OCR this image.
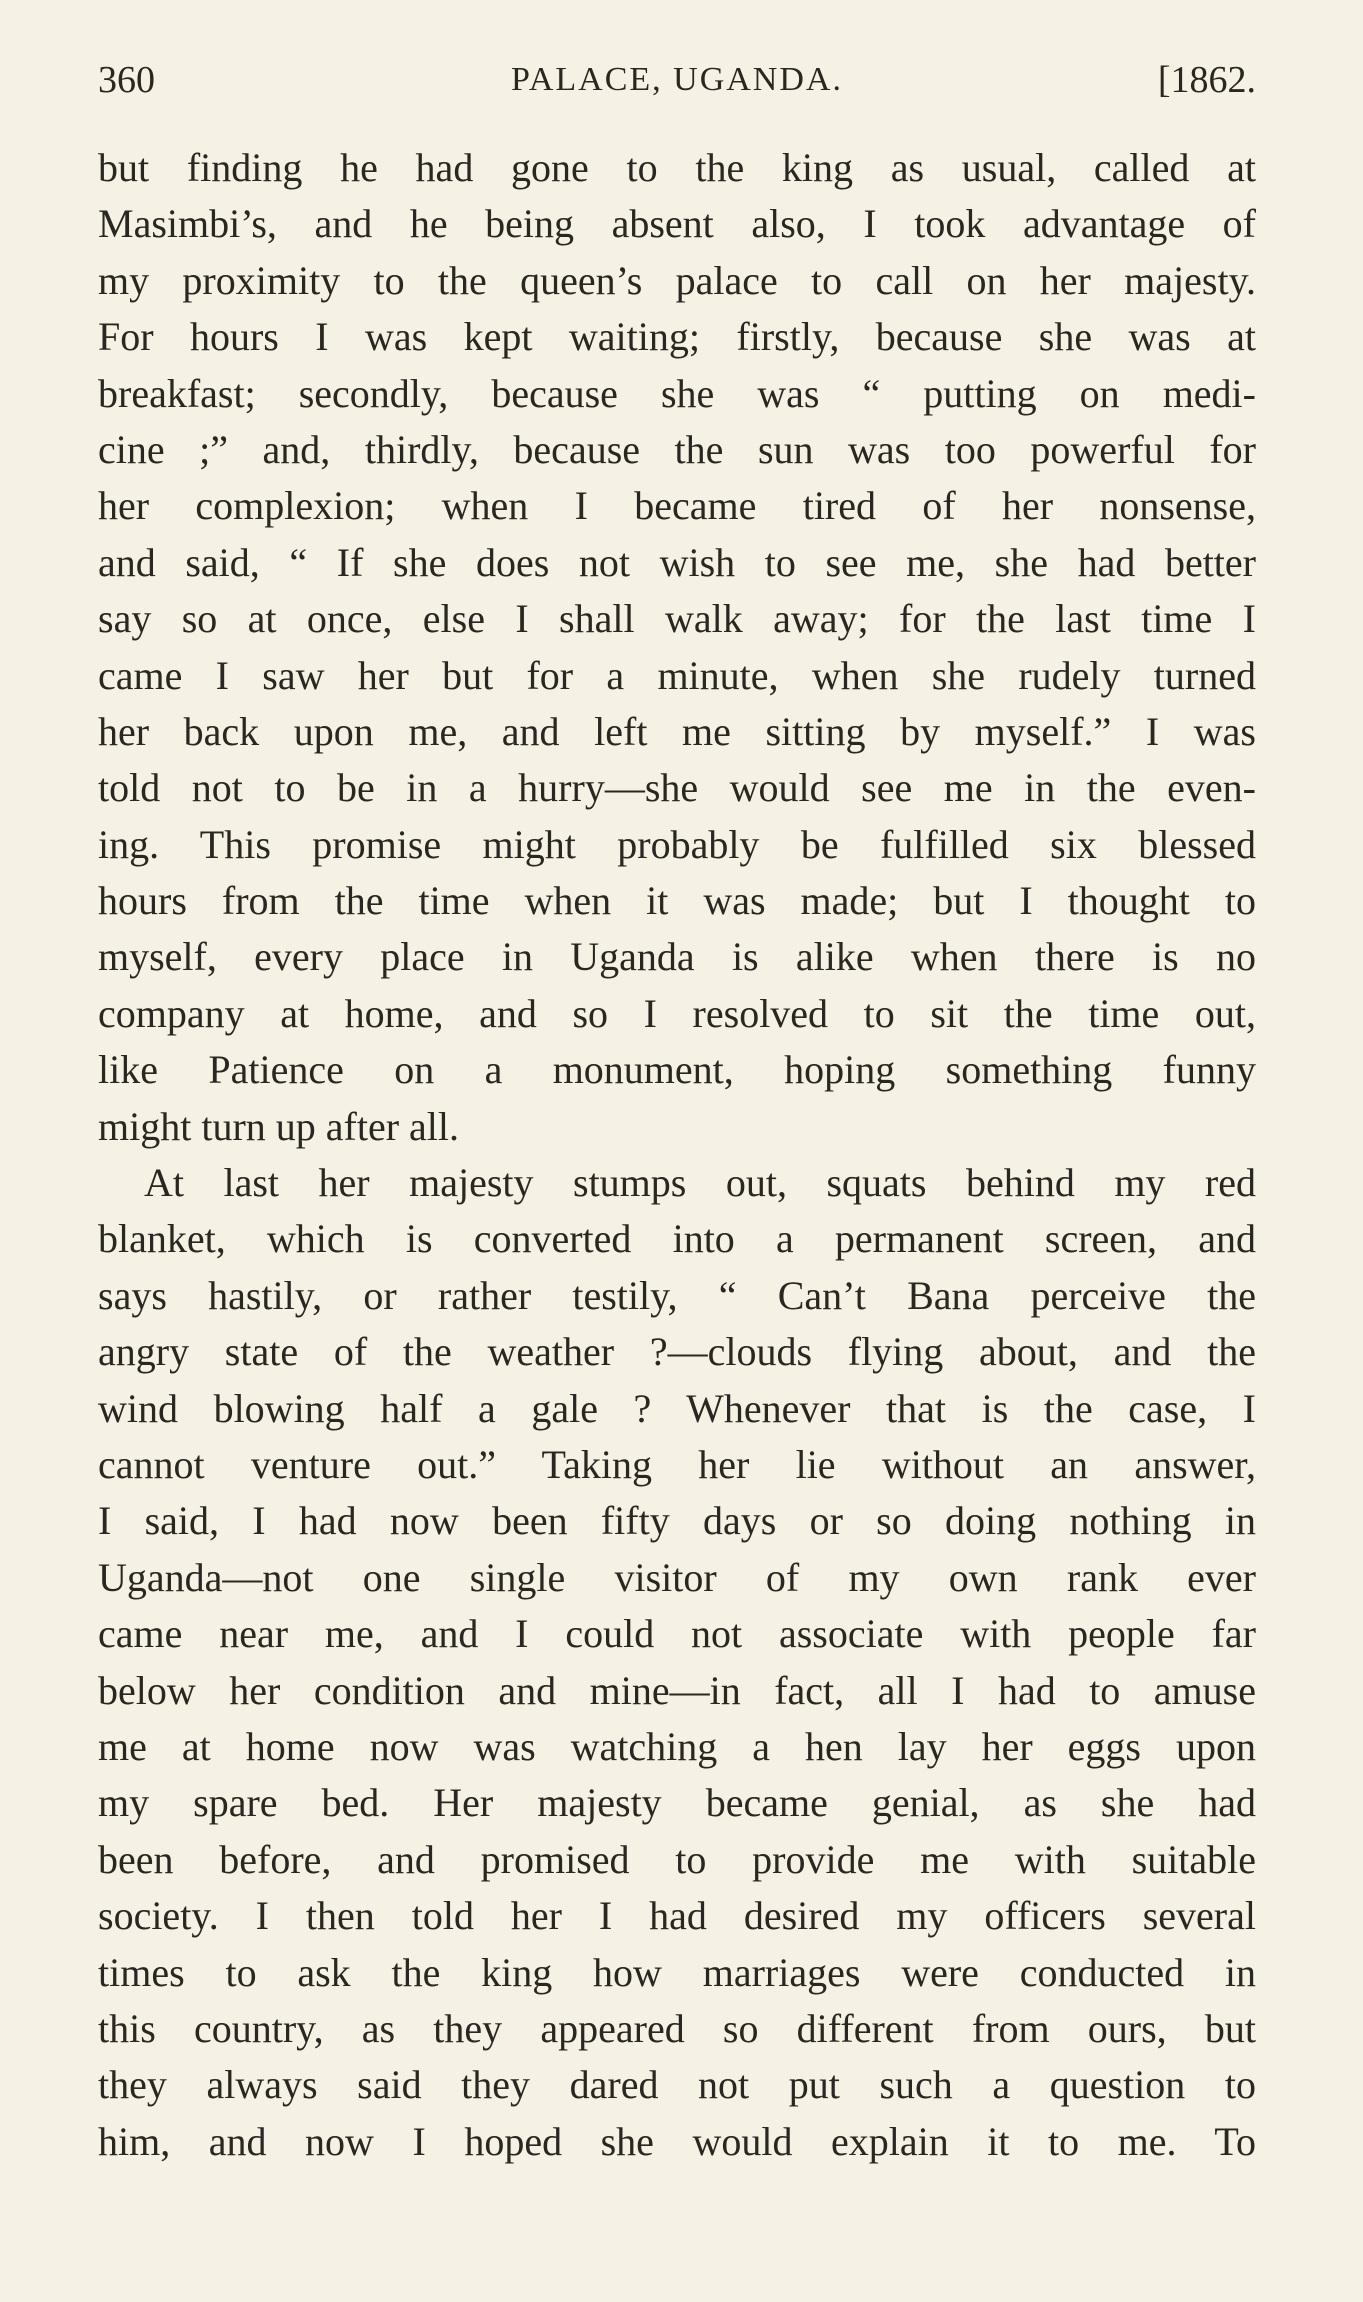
360	PALACE, UGANDA.	[1862.
but finding he had gone to the king as usual, called at
Masimbi’s, and he being absent also, I took advantage of
my proximity to the queen’s palace to call on her majesty.
For hours I was kept waiting; firstly, because she was at
breakfast; secondly, because she was “ putting on medi-
cine ;” and, thirdly, because the sun was too powerful for
her complexion; when I became tired of her nonsense,
and said, “ If she does not wish to see me, she had better
say so at once, else I shall walk away; for the last time I
came I saw her but for a minute, when she rudely turned
her back upon me, and left me sitting by myself.” I was
told not to be in a hurry—she would see me in the even-
ing. This promise might probably be fulfilled six blessed
hours from the time when it was made; but I thought to
myself, every place in Uganda is alike when there is no
company at home, and so I resolved to sit the time out,
like Patience on a monument, hoping something funny
might turn up after all.
At last her majesty stumps out, squats behind my red
blanket, which is converted into a permanent screen, and
says hastily, or rather testily, “ Can’t Bana perceive the
angry state of the weather ?—clouds flying about, and the
wind blowing half a gale ? Whenever that is the case, I
cannot venture out.” Taking her lie without an answer,
I said, I had now been fifty days or so doing nothing in
Uganda—not one single visitor of my own rank ever
came near me, and I could not associate with people far
below her condition and mine—in fact, all I had to amuse
me at home now was watching a hen lay her eggs upon
my spare bed. Her majesty became genial, as she had
been before, and promised to provide me with suitable
society. I then told her I had desired my officers several
times to ask the king how marriages were conducted in
this country, as they appeared so different from ours, but
they always said they dared not put such a question to
him, and now I hoped she would explain it to me. To
